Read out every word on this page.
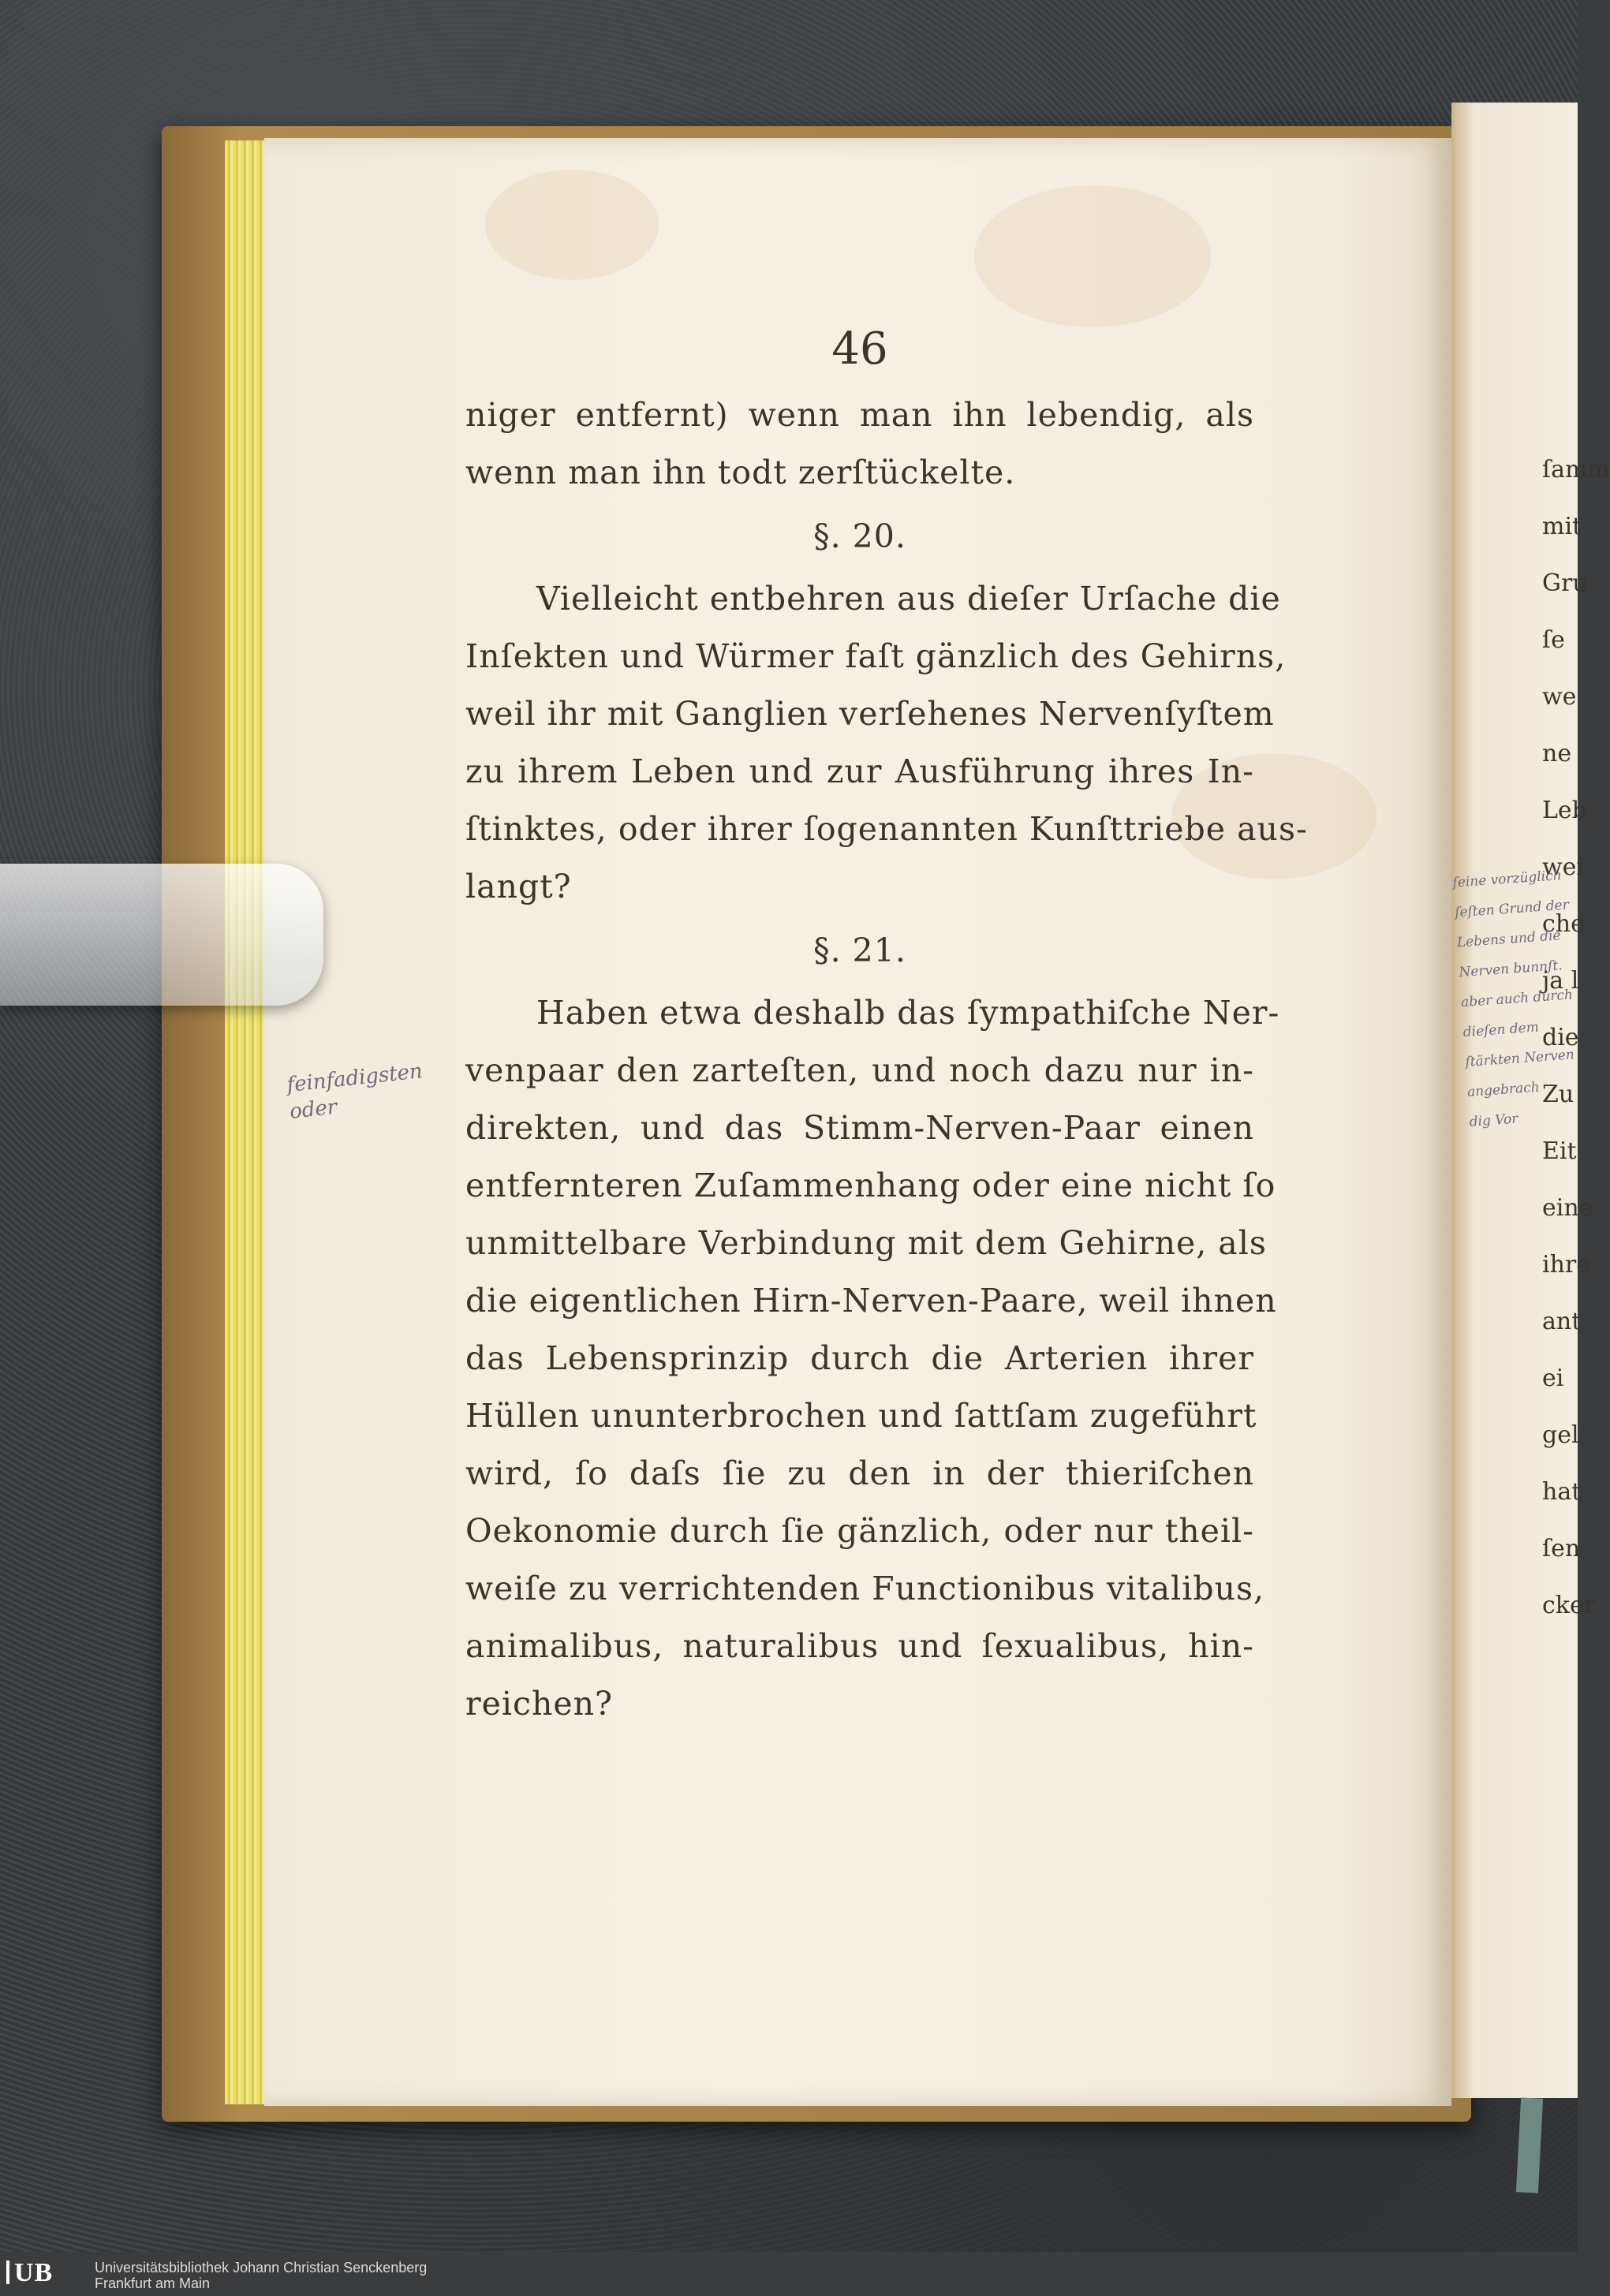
ſamm
mit
Gru
ſe
we
ne
Leb
wei
che
ja l
die
Zu
Eit
eine
ihre
ant
ei
gel
hat
ſen
cker
46
niger entfernt) wenn man ihn lebendig, als
wenn man ihn todt zerſtückelte.
§. 20.
Vielleicht entbehren aus dieſer Urſache die
Inſekten und Würmer faſt gänzlich des Gehirns,
weil ihr mit Ganglien verſehenes Nervenſyſtem
zu ihrem Leben und zur Ausführung ihres In-
ſtinktes, oder ihrer ſogenannten Kunſttriebe aus-
langt?
§. 21.
Haben etwa deshalb das ſympathiſche Ner-
venpaar den zarteſten, und noch dazu nur in-
direkten, und das Stimm-Nerven-Paar einen
entfernteren Zuſammenhang oder eine nicht ſo
unmittelbare Verbindung mit dem Gehirne, als
die eigentlichen Hirn-Nerven-Paare, weil ihnen
das Lebensprinzip durch die Arterien ihrer
Hüllen ununterbrochen und ſattſam zugeführt
wird, ſo daſs ſie zu den in der thieriſchen
Oekonomie durch ſie gänzlich, oder nur theil-
weiſe zu verrichtenden Functionibus vitalibus,
animalibus, naturalibus und ſexualibus, hin-
reichen?
feinfadigsten
oder
ſeine vorzüglich
ſeſten Grund der
Lebens und die
Nerven bunnſt.
aber auch durch
dieſen dem
ſtärkten Nerven
angebrach
dig Vor
UB	Universitätsbibliothek Johann Christian Senckenberg
Frankfurt am Main
